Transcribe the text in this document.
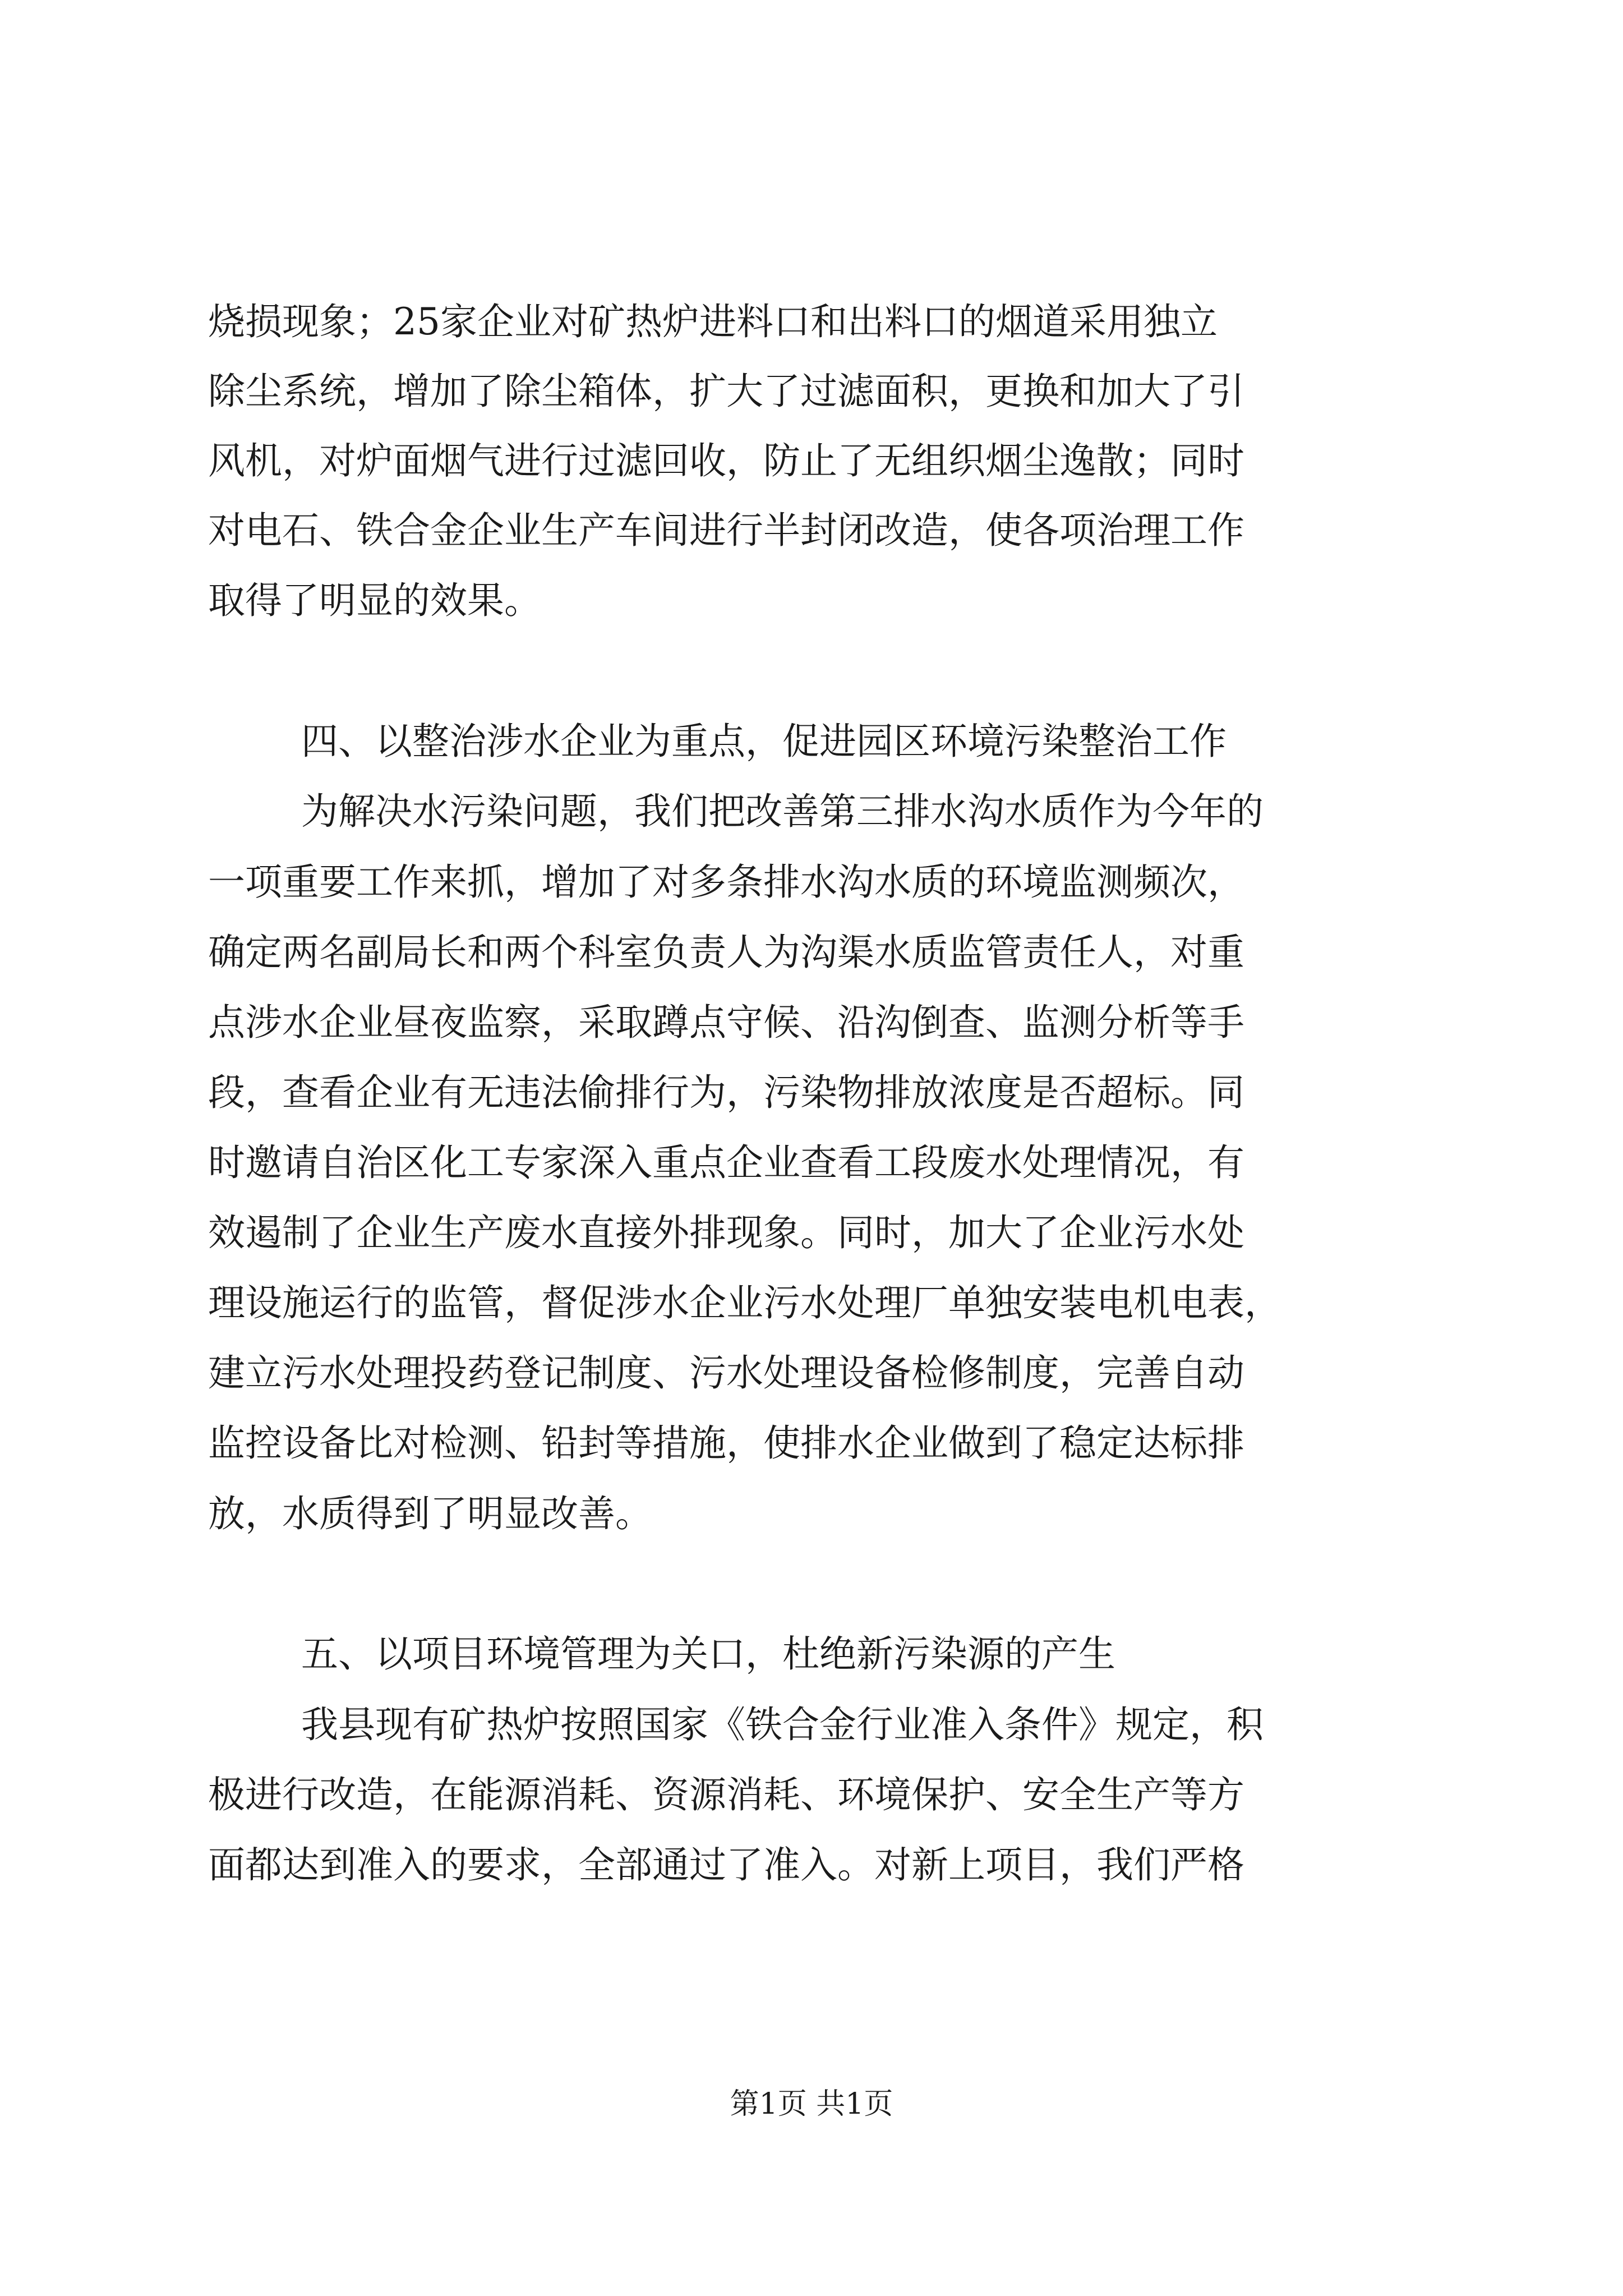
烧损现象；25家企业对矿热炉进料口和出料口的烟道采用独立
除尘系统，增加了除尘箱体，扩大了过滤面积，更换和加大了引
风机，对炉面烟气进行过滤回收，防止了无组织烟尘逸散；同时
对电石、铁合金企业生产车间进行半封闭改造，使各项治理工作
取得了明显的效果。
四、以整治涉水企业为重点，促进园区环境污染整治工作
为解决水污染问题，我们把改善第三排水沟水质作为今年的
一项重要工作来抓，增加了对多条排水沟水质的环境监测频次，
确定两名副局长和两个科室负责人为沟渠水质监管责任人，对重
点涉水企业昼夜监察，采取蹲点守候、沿沟倒查、监测分析等手
段，查看企业有无违法偷排行为，污染物排放浓度是否超标。同
时邀请自治区化工专家深入重点企业查看工段废水处理情况，有
效遏制了企业生产废水直接外排现象。同时，加大了企业污水处
理设施运行的监管，督促涉水企业污水处理厂单独安装电机电表，
建立污水处理投药登记制度、污水处理设备检修制度，完善自动
监控设备比对检测、铅封等措施，使排水企业做到了稳定达标排
放，水质得到了明显改善。
五、以项目环境管理为关口，杜绝新污染源的产生
我县现有矿热炉按照国家《铁合金行业准入条件》规定，积
极进行改造，在能源消耗、资源消耗、环境保护、安全生产等方
面都达到准入的要求，全部通过了准入。对新上项目，我们严格
第1页 共1页
